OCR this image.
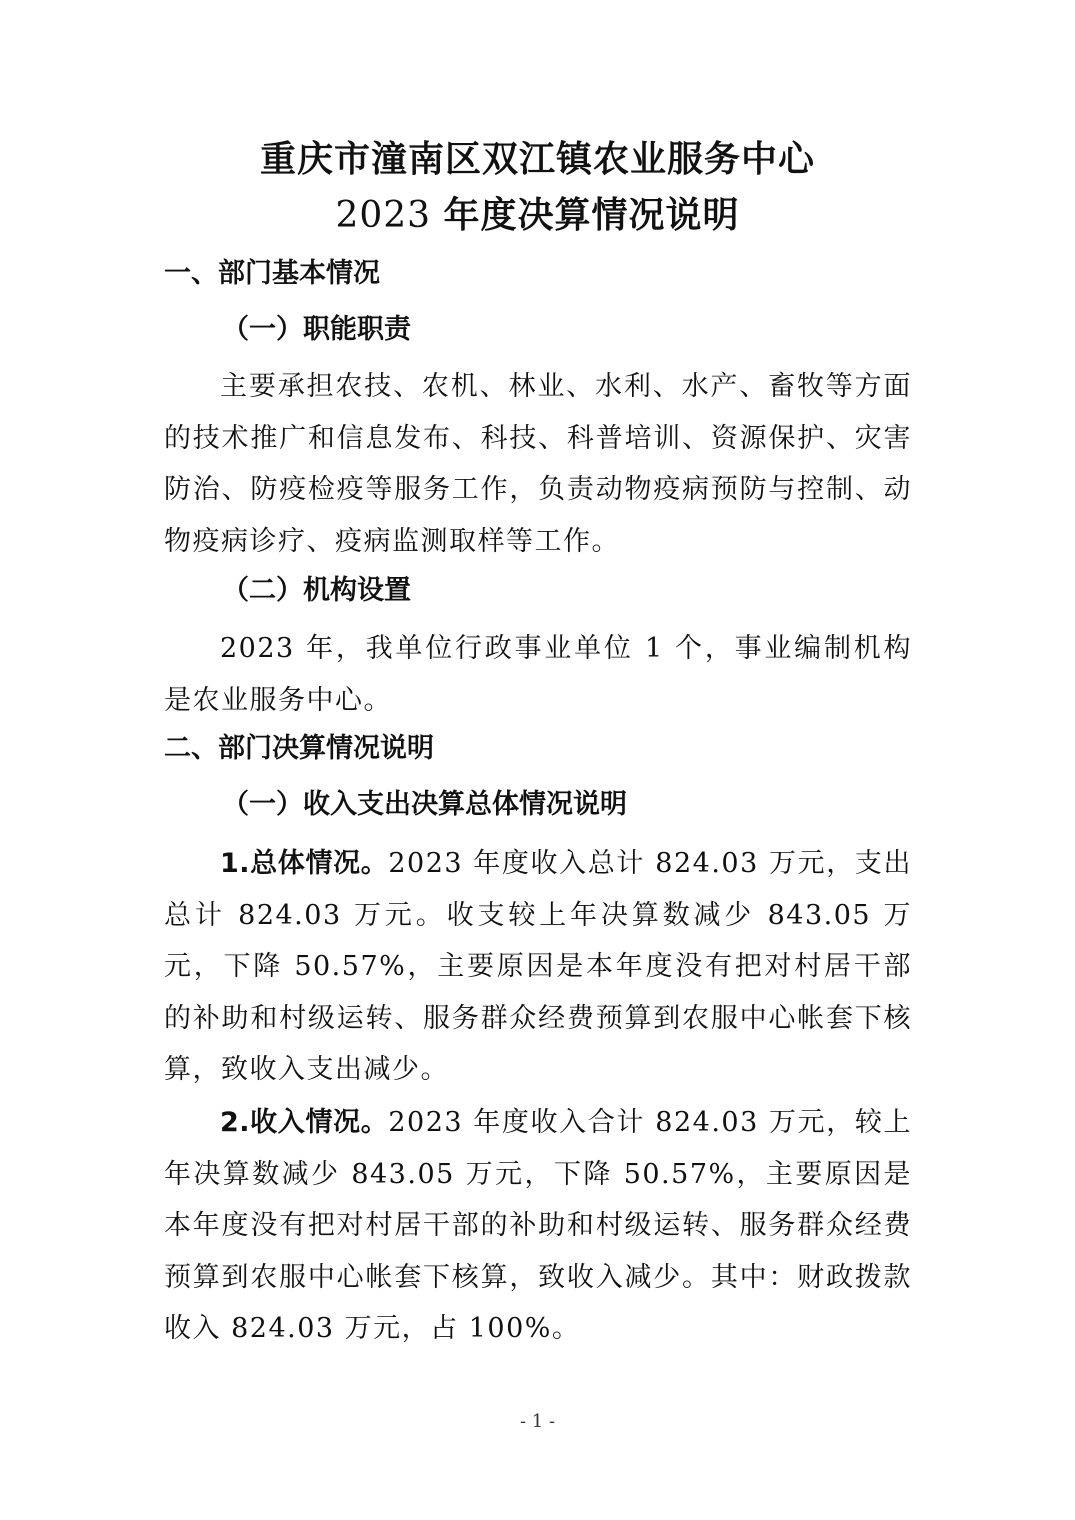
重庆市潼南区双江镇农业服务中心
2023 年度决算情况说明
一、部门基本情况
（一）职能职责

主要承担农技、农机、林业、水利、水产、畜牧等方面的技术推广和信息发布、科技、科普培训、资源保护、灾害防治、防疫检疫等服务工作，负责动物疫病预防与控制、动物疫病诊疗、疫病监测取样等工作。

（二）机构设置

2023 年，我单位行政事业单位 1 个，事业编制机构是农业服务中心。

二、部门决算情况说明
（一）收入支出决算总体情况说明

1.总体情况。2023 年度收入总计 824.03 万元，支出总计 824.03 万元。收支较上年决算数减少 843.05 万元，下降 50.57%，主要原因是本年度没有把对村居干部的补助和村级运转、服务群众经费预算到农服中心帐套下核算，致收入支出减少。

2.收入情况。2023 年度收入合计 824.03 万元，较上年决算数减少 843.05 万元，下降 50.57%，主要原因是本年度没有把对村居干部的补助和村级运转、服务群众经费预算到农服中心帐套下核算，致收入减少。其中：财政拨款收入 824.03 万元，占 100%。

- 1 -
